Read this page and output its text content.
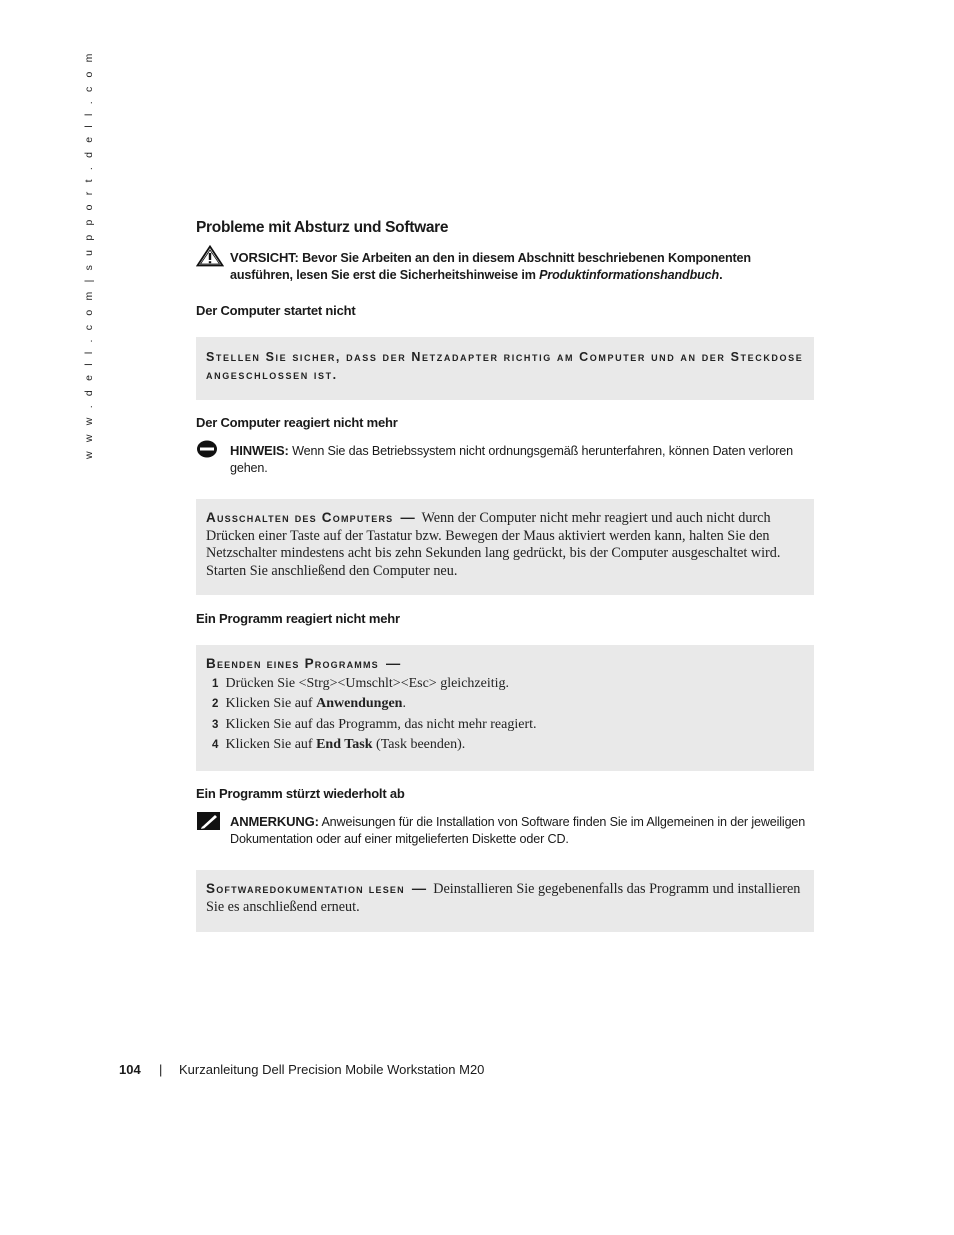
w w w . d e l l . c o m | s u p p o r t . d e l l . c o m	Probleme mit Absturz und Software
VORSICHT: Bevor Sie Arbeiten an den in diesem Abschnitt beschriebenen Komponenten ausführen, lesen Sie erst die Sicherheitshinweise im Produktinformationshandbuch.
Der Computer startet nicht
Stellen Sie sicher, dass der Netzadapter richtig am Computer und an der Steckdose angeschlossen ist.
Der Computer reagiert nicht mehr
HINWEIS: Wenn Sie das Betriebssystem nicht ordnungsgemäß herunterfahren, können Daten verloren gehen.
Ausschalten des Computers — Wenn der Computer nicht mehr reagiert und auch nicht durch Drücken einer Taste auf der Tastatur bzw. Bewegen der Maus aktiviert werden kann, halten Sie den Netzschalter mindestens acht bis zehn Sekunden lang gedrückt, bis der Computer ausgeschaltet wird. Starten Sie anschließend den Computer neu.
Ein Programm reagiert nicht mehr
Beenden eines Programms —
1 Drücken Sie <Strg><Umschlt><Esc> gleichzeitig.
2 Klicken Sie auf Anwendungen.
3 Klicken Sie auf das Programm, das nicht mehr reagiert.
4 Klicken Sie auf End Task (Task beenden).
Ein Programm stürzt wiederholt ab
ANMERKUNG: Anweisungen für die Installation von Software finden Sie im Allgemeinen in der jeweiligen Dokumentation oder auf einer mitgelieferten Diskette oder CD.
Softwaredokumentation lesen — Deinstallieren Sie gegebenenfalls das Programm und installieren Sie es anschließend erneut.
104 | Kurzanleitung Dell Precision Mobile Workstation M20
